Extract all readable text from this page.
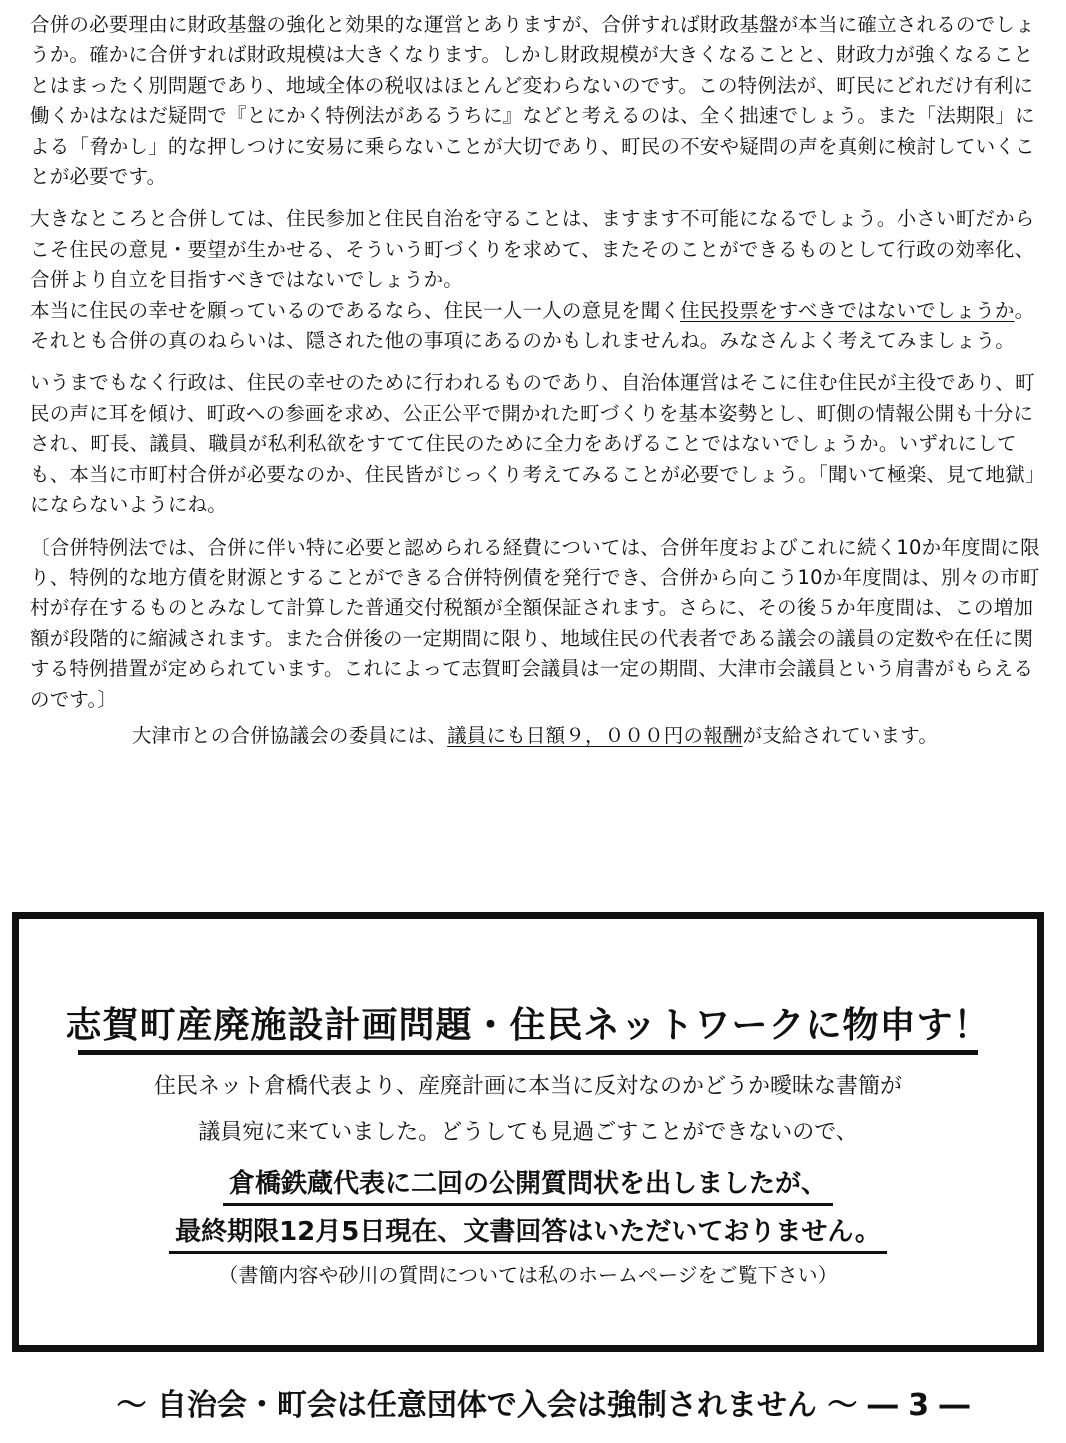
合併の必要理由に財政基盤の強化と効果的な運営とありますが、合併すれば財政基盤が本当に確立されるのでしょうか。確かに合併すれば財政規模は大きくなります。しかし財政規模が大きくなることと、財政力が強くなることとはまったく別問題であり、地域全体の税収はほとんど変わらないのです。この特例法が、町民にどれだけ有利に働くかはなはだ疑問で『とにかく特例法があるうちに』などと考えるのは、全く拙速でしょう。また「法期限」による「脅かし」的な押しつけに安易に乗らないことが大切であり、町民の不安や疑問の声を真剣に検討していくことが必要です。

大きなところと合併しては、住民参加と住民自治を守ることは、ますます不可能になるでしょう。小さい町だからこそ住民の意見・要望が生かせる、そういう町づくりを求めて、またそのことができるものとして行政の効率化、合併より自立を目指すべきではないでしょうか。

本当に住民の幸せを願っているのであるなら、住民一人一人の意見を聞く住民投票をすべきではないでしょうか。それとも合併の真のねらいは、隠された他の事項にあるのかもしれませんね。みなさんよく考えてみましょう。

いうまでもなく行政は、住民の幸せのために行われるものであり、自治体運営はそこに住む住民が主役であり、町民の声に耳を傾け、町政への参画を求め、公正公平で開かれた町づくりを基本姿勢とし、町側の情報公開も十分にされ、町長、議員、職員が私利私欲をすてて住民のために全力をあげることではないでしょうか。いずれにしても、本当に市町村合併が必要なのか、住民皆がじっくり考えてみることが必要でしょう。「聞いて極楽、見て地獄」にならないようにね。

〔合併特例法では、合併に伴い特に必要と認められる経費については、合併年度およびこれに続く10か年度間に限り、特例的な地方債を財源とすることができる合併特例債を発行でき、合併から向こう10か年度間は、別々の市町村が存在するものとみなして計算した普通交付税額が全額保証されます。さらに、その後５か年度間は、この増加額が段階的に縮減されます。また合併後の一定期間に限り、地域住民の代表者である議会の議員の定数や在任に関する特例措置が定められています。これによって志賀町会議員は一定の期間、大津市会議員という肩書がもらえるのです。〕

大津市との合併協議会の委員には、議員にも日額９，０００円の報酬が支給されています。

志賀町産廃施設計画問題・住民ネットワークに物申す！
住民ネット倉橋代表より、産廃計画に本当に反対なのかどうか曖昧な書簡が
議員宛に来ていました。どうしても見過ごすことができないので、
倉橋鉄蔵代表に二回の公開質問状を出しましたが、
最終期限12月5日現在、文書回答はいただいておりません。
（書簡内容や砂川の質問については私のホームページをご覧下さい）
〜 自治会・町会は任意団体で入会は強制されません 〜 ― 3 ―
